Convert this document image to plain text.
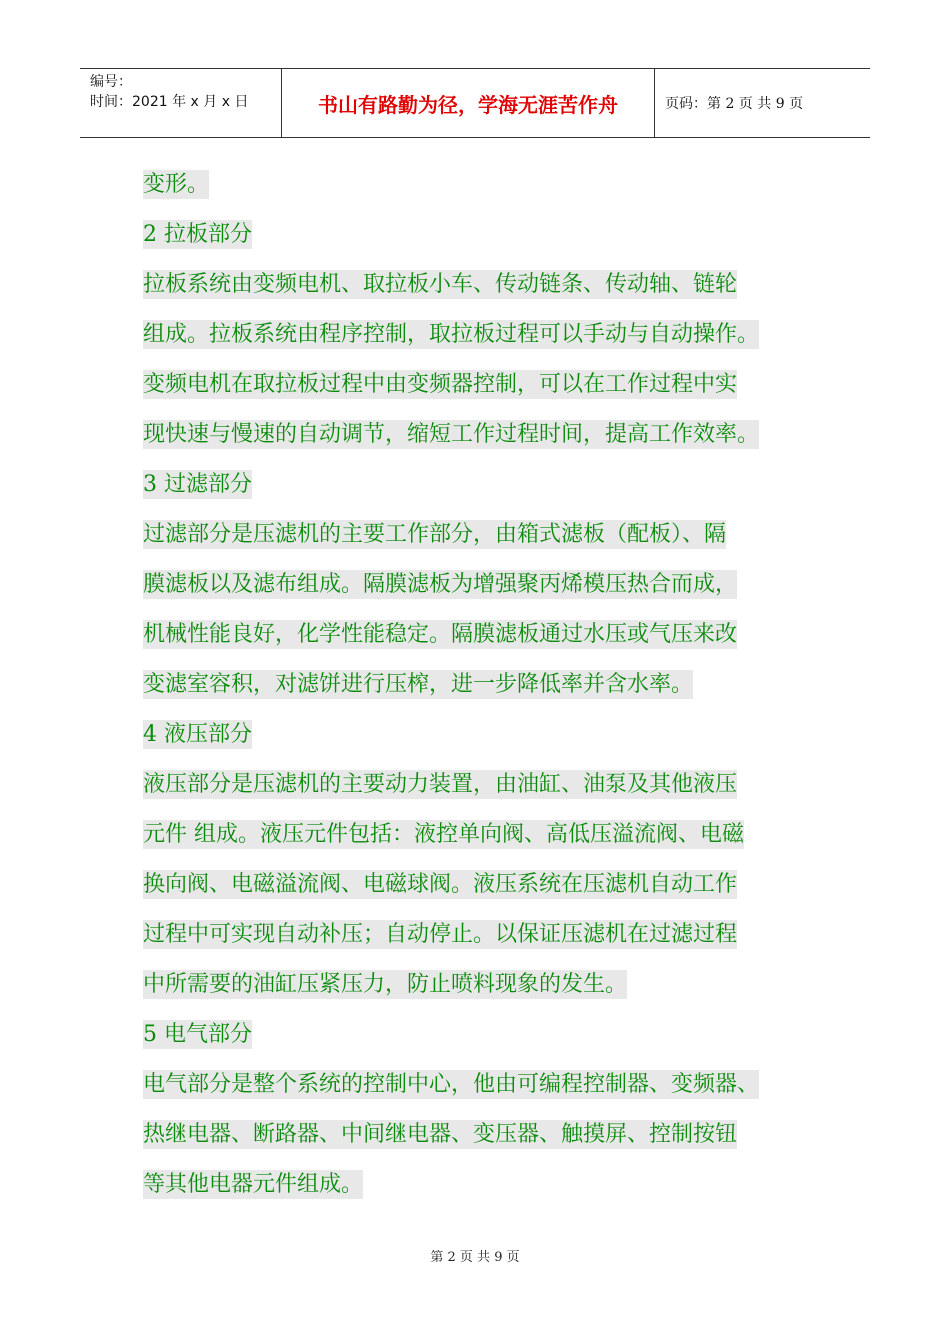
编号：
时间：2021 年 x 月 x 日	书山有路勤为径，学海无涯苦作舟	页码：第 2 页 共 9 页
变形。
2 拉板部分
拉板系统由变频电机、取拉板小车、传动链条、传动轴、链轮
组成。拉板系统由程序控制，取拉板过程可以手动与自动操作。
变频电机在取拉板过程中由变频器控制，可以在工作过程中实
现快速与慢速的自动调节，缩短工作过程时间，提高工作效率。
3 过滤部分
过滤部分是压滤机的主要工作部分，由箱式滤板（配板）、隔
膜滤板以及滤布组成。隔膜滤板为增强聚丙烯模压热合而成，
机械性能良好，化学性能稳定。隔膜滤板通过水压或气压来改
变滤室容积，对滤饼进行压榨，进一步降低率并含水率。
4 液压部分
液压部分是压滤机的主要动力装置，由油缸、油泵及其他液压
元件 组成。液压元件包括：液控单向阀、高低压溢流阀、电磁
换向阀、电磁溢流阀、电磁球阀。液压系统在压滤机自动工作
过程中可实现自动补压；自动停止。以保证压滤机在过滤过程
中所需要的油缸压紧压力，防止喷料现象的发生。
5 电气部分
电气部分是整个系统的控制中心，他由可编程控制器、变频器、
热继电器、断路器、中间继电器、变压器、触摸屏、控制按钮
等其他电器元件组成。
第 2 页 共 9 页
